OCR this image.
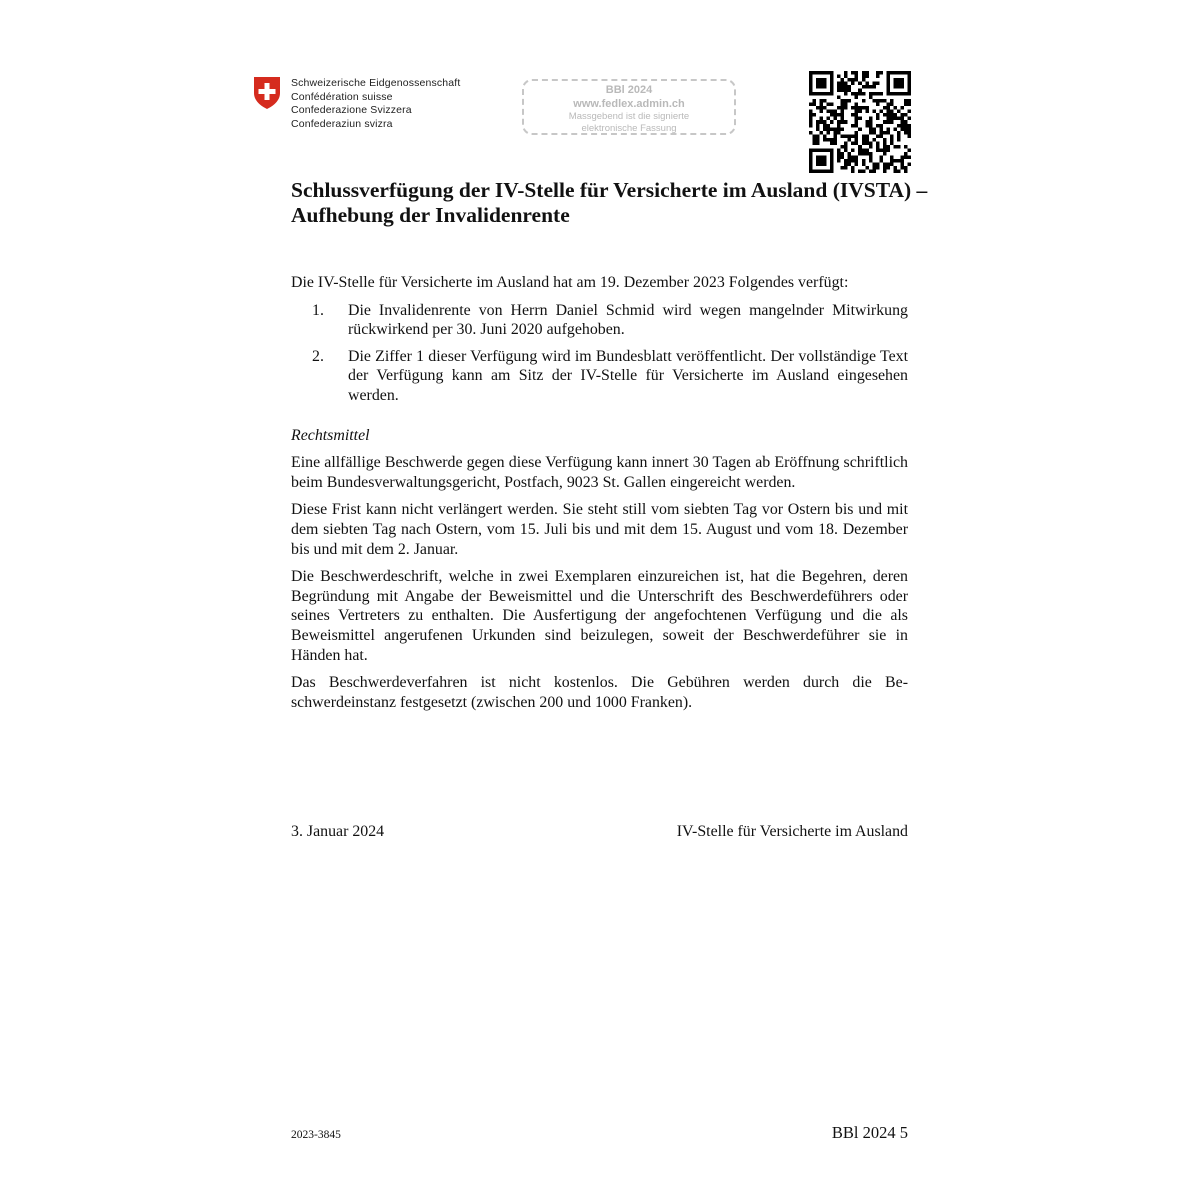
Schweizerische Eidgenossenschaft
Confédération suisse
Confederazione Svizzera
Confederaziun svizra
BBl 2024
www.fedlex.admin.ch
Massgebend ist die signierte
elektronische Fassung
Schlussverfügung der IV-Stelle für Versicherte im Ausland (IVSTA) – Aufhebung der Invalidenrente

Die IV-Stelle für Versicherte im Ausland hat am 19. Dezember 2023 Folgendes verfügt:

1.	Die Invalidenrente von Herrn Daniel Schmid wird wegen mangelnder Mitwirkung rückwirkend per 30. Juni 2020 aufgehoben.
2.	Die Ziffer 1 dieser Verfügung wird im Bundesblatt veröffentlicht. Der vollständige Text der Verfügung kann am Sitz der IV-Stelle für Versicherte im Ausland eingesehen werden.

Rechtsmittel

Eine allfällige Beschwerde gegen diese Verfügung kann innert 30 Tagen ab Eröffnung schriftlich beim Bundesverwaltungsgericht, Postfach, 9023 St. Gallen eingereicht werden.

Diese Frist kann nicht verlängert werden. Sie steht still vom siebten Tag vor Ostern bis und mit dem siebten Tag nach Ostern, vom 15. Juli bis und mit dem 15. August und vom 18. Dezember bis und mit dem 2. Januar.

Die Beschwerdeschrift, welche in zwei Exemplaren einzureichen ist, hat die Begehren, deren Begründung mit Angabe der Beweismittel und die Unterschrift des Beschwerdeführers oder seines Vertreters zu enthalten. Die Ausfertigung der angefochtenen Verfügung und die als Beweismittel angerufenen Urkunden sind beizulegen, soweit der Beschwerdeführer sie in Händen hat.

Das Beschwerdeverfahren ist nicht kostenlos. Die Gebühren werden durch die Beschwerdeinstanz festgesetzt (zwischen 200 und 1000 Franken).

3. Januar 2024	IV-Stelle für Versicherte im Ausland
2023-3845	BBl 2024 5
